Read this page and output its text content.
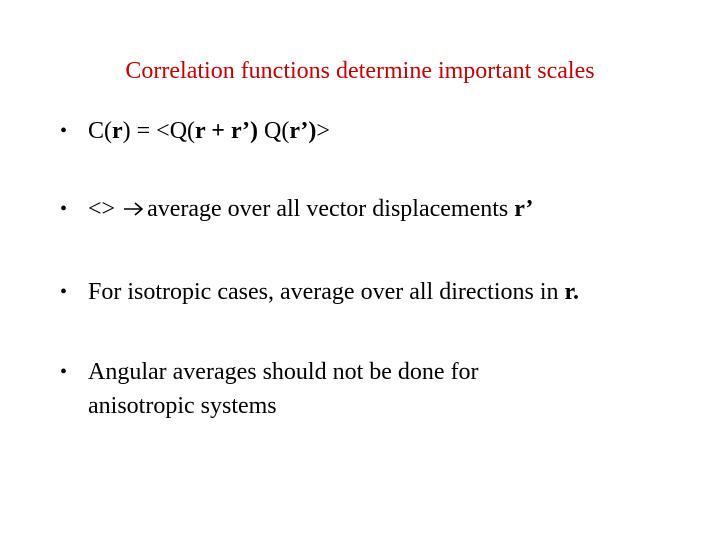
Correlation functions determine important scales
• C(r) = <Q(r + r’) Q(r’)>
• <> average over all vector displacements r’
• For isotropic cases, average over all directions in r.
• Angular averages should not be done for anisotropic systems
